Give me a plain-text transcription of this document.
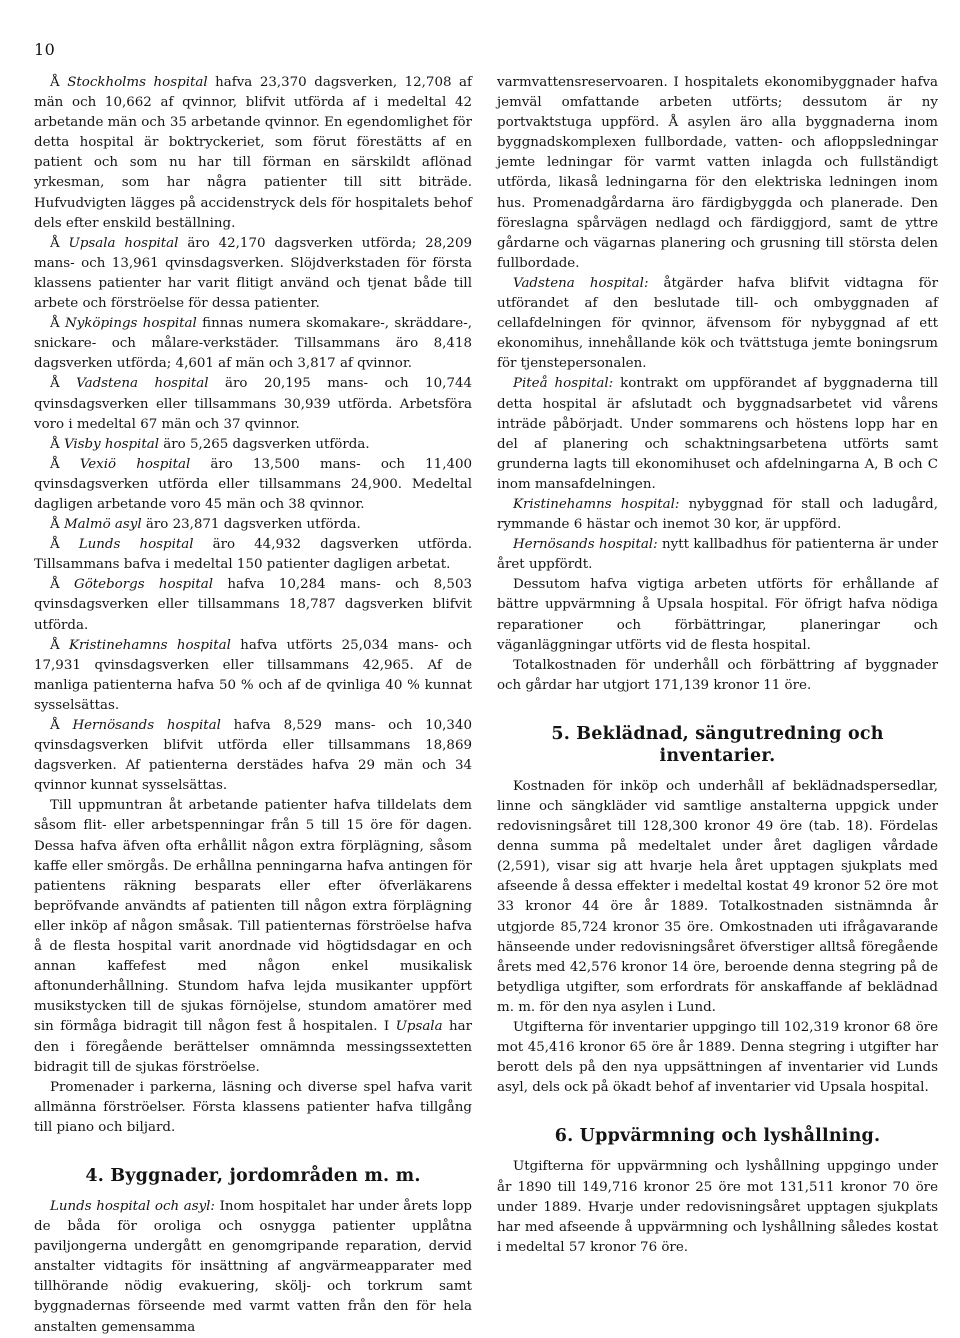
10

Å Stockholms hospital hafva 23,370 dagsverken, 12,708 af män och 10,662 af qvinnor, blifvit utförda af i medeltal 42 arbetande män och 35 arbetande qvinnor. En egendomlighet för detta hospital är boktryckeriet, som förut förestätts af en patient och som nu har till förman en särskildt aflönad yrkesman, som har några patienter till sitt biträde. Hufvudvigten lägges på accidenstryck dels för hospitalets behof dels efter enskild beställning.

Å Upsala hospital äro 42,170 dagsverken utförda; 28,209 mans- och 13,961 qvinsdagsverken. Slöjdverkstaden för första klassens patienter har varit flitigt använd och tjenat både till arbete och förströelse för dessa patienter.

Å Nyköpings hospital finnas numera skomakare-, skräddare-, snickare- och målare-verkstäder. Tillsammans äro 8,418 dagsverken utförda; 4,601 af män och 3,817 af qvinnor.

Å Vadstena hospital äro 20,195 mans- och 10,744 qvinsdagsverken eller tillsammans 30,939 utförda. Arbetsföra voro i medeltal 67 män och 37 qvinnor.

Å Visby hospital äro 5,265 dagsverken utförda.

Å Vexiö hospital äro 13,500 mans- och 11,400 qvinsdagsverken utförda eller tillsammans 24,900. Medeltal dagligen arbetande voro 45 män och 38 qvinnor.

Å Malmö asyl äro 23,871 dagsverken utförda.

Å Lunds hospital äro 44,932 dagsverken utförda. Tillsammans bafva i medeltal 150 patienter dagligen arbetat.

Å Göteborgs hospital hafva 10,284 mans- och 8,503 qvinsdagsverken eller tillsammans 18,787 dagsverken blifvit utförda.

Å Kristinehamns hospital hafva utförts 25,034 mans- och 17,931 qvinsdagsverken eller tillsammans 42,965. Af de manliga patienterna hafva 50 % och af de qvinliga 40 % kunnat sysselsättas.

Å Hernösands hospital hafva 8,529 mans- och 10,340 qvinsdagsverken blifvit utförda eller tillsammans 18,869 dagsverken. Af patienterna derstädes hafva 29 män och 34 qvinnor kunnat sysselsättas.

Till uppmuntran åt arbetande patienter hafva tilldelats dem såsom flit- eller arbetspenningar från 5 till 15 öre för dagen. Dessa hafva äfven ofta erhållit någon extra förplägning, såsom kaffe eller smörgås. De erhållna penningarna hafva antingen för patientens räkning besparats eller efter öfverläkarens bepröfvande användts af patienten till någon extra förplägning eller inköp af någon småsak. Till patienternas förströelse hafva å de flesta hospital varit anordnade vid högtidsdagar en och annan kaffefest med någon enkel musikalisk aftonunderhållning. Stundom hafva lejda musikanter uppfört musikstycken till de sjukas förnöjelse, stundom amatörer med sin förmåga bidragit till någon fest å hospitalen. I Upsala har den i föregående berättelser omnämnda messingssextetten bidragit till de sjukas förströelse.

Promenader i parkerna, läsning och diverse spel hafva varit allmänna förströelser. Första klassens patienter hafva tillgång till piano och biljard.

4. Byggnader, jordområden m. m.

Lunds hospital och asyl: Inom hospitalet har under årets lopp de båda för oroliga och osnygga patienter upplåtna paviljongerna undergått en genomgripande reparation, dervid anstalter vidtagits för insättning af angvärmeapparater med tillhörande nödig evakuering, skölj- och torkrum samt byggnadernas förseende med varmt vatten från den för hela anstalten gemensamma

varmvattensreservoaren. I hospitalets ekonomibyggnader hafva jemväl omfattande arbeten utförts; dessutom är ny portvaktstuga uppförd. Å asylen äro alla byggnaderna inom byggnadskomplexen fullbordade, vatten- och afloppsledningar jemte ledningar för varmt vatten inlagda och fullständigt utförda, likaså ledningarna för den elektriska ledningen inom hus. Promenadgårdarna äro färdigbyggda och planerade. Den föreslagna spårvägen nedlagd och färdiggjord, samt de yttre gårdarne och vägarnas planering och grusning till största delen fullbordade.

Vadstena hospital: åtgärder hafva blifvit vidtagna för utförandet af den beslutade till- och ombyggnaden af cellafdelningen för qvinnor, äfvensom för nybyggnad af ett ekonomihus, innehållande kök och tvättstuga jemte boningsrum för tjenstepersonalen.

Piteå hospital: kontrakt om uppförandet af byggnaderna till detta hospital är afslutadt och byggnadsarbetet vid vårens inträde påbörjadt. Under sommarens och höstens lopp har en del af planering och schaktningsarbetena utförts samt grunderna lagts till ekonomihuset och afdelningarna A, B och C inom mansafdelningen.

Kristinehamns hospital: nybyggnad för stall och ladugård, rymmande 6 hästar och inemot 30 kor, är uppförd.

Hernösands hospital: nytt kallbadhus för patienterna är under året uppfördt.

Dessutom hafva vigtiga arbeten utförts för erhållande af bättre uppvärmning å Upsala hospital. För öfrigt hafva nödiga reparationer och förbättringar, planeringar och väganläggningar utförts vid de flesta hospital.

Totalkostnaden för underhåll och förbättring af byggnader och gårdar har utgjort 171,139 kronor 11 öre.

5. Beklädnad, sängutredning och inventarier.

Kostnaden för inköp och underhåll af beklädnadspersedlar, linne och sängkläder vid samtlige anstalterna uppgick under redovisningsåret till 128,300 kronor 49 öre (tab. 18). Fördelas denna summa på medeltalet under året dagligen vårdade (2,591), visar sig att hvarje hela året upptagen sjukplats med afseende å dessa effekter i medeltal kostat 49 kronor 52 öre mot 33 kronor 44 öre år 1889. Totalkostnaden sistnämnda år utgjorde 85,724 kronor 35 öre. Omkostnaden uti ifrågavarande hänseende under redovisningsåret öfverstiger alltså föregående årets med 42,576 kronor 14 öre, beroende denna stegring på de betydliga utgifter, som erfordrats för anskaffande af beklädnad m. m. för den nya asylen i Lund.

Utgifterna för inventarier uppgingo till 102,319 kronor 68 öre mot 45,416 kronor 65 öre år 1889. Denna stegring i utgifter har berott dels på den nya uppsättningen af inventarier vid Lunds asyl, dels ock på ökadt behof af inventarier vid Upsala hospital.

6. Uppvärmning och lyshållning.

Utgifterna för uppvärmning och lyshållning uppgingo under år 1890 till 149,716 kronor 25 öre mot 131,511 kronor 70 öre under 1889. Hvarje under redovisningsåret upptagen sjukplats har med afseende å uppvärmning och lyshållning således kostat i medeltal 57 kronor 76 öre.
